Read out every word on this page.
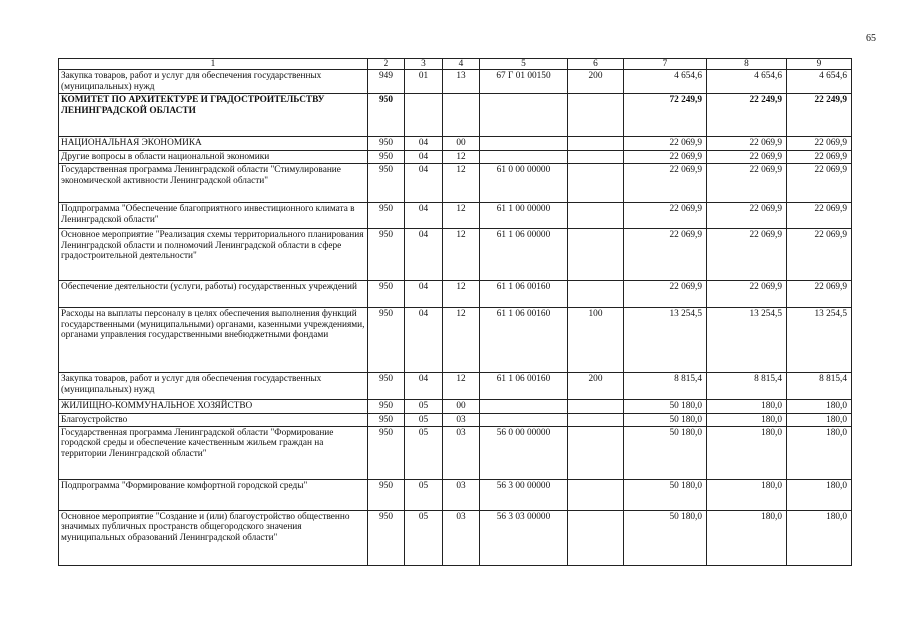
65
1	2	3	4	5	6	7	8	9
Закупка товаров, работ и услуг для обеспечения государственных (муниципальных) нужд	949	01	13	67 Г 01 00150	200	4 654,6	4 654,6	4 654,6
КОМИТЕТ ПО АРХИТЕКТУРЕ И ГРАДОСТРОИТЕЛЬСТВУ ЛЕНИНГРАДСКОЙ ОБЛАСТИ	950					72 249,9	22 249,9	22 249,9
НАЦИОНАЛЬНАЯ ЭКОНОМИКА	950	04	00			22 069,9	22 069,9	22 069,9
Другие вопросы в области национальной экономики	950	04	12			22 069,9	22 069,9	22 069,9
Государственная программа Ленинградской области "Стимулирование экономической активности Ленинградской области"	950	04	12	61 0 00 00000		22 069,9	22 069,9	22 069,9
Подпрограмма "Обеспечение благоприятного инвестиционного климата в Ленинградской области"	950	04	12	61 1 00 00000		22 069,9	22 069,9	22 069,9
Основное мероприятие "Реализация схемы территориального планирования Ленинградской области и полномочий Ленинградской области в сфере градостроительной деятельности"	950	04	12	61 1 06 00000		22 069,9	22 069,9	22 069,9
Обеспечение деятельности (услуги, работы) государственных учреждений	950	04	12	61 1 06 00160		22 069,9	22 069,9	22 069,9
Расходы на выплаты персоналу в целях обеспечения выполнения функций государственными (муниципальными) органами, казенными учреждениями, органами управления государственными внебюджетными фондами	950	04	12	61 1 06 00160	100	13 254,5	13 254,5	13 254,5
Закупка товаров, работ и услуг для обеспечения государственных (муниципальных) нужд	950	04	12	61 1 06 00160	200	8 815,4	8 815,4	8 815,4
ЖИЛИЩНО-КОММУНАЛЬНОЕ ХОЗЯЙСТВО	950	05	00			50 180,0	180,0	180,0
Благоустройство	950	05	03			50 180,0	180,0	180,0
Государственная программа Ленинградской области "Формирование городской среды и обеспечение качественным жильем граждан на территории Ленинградской области"	950	05	03	56 0 00 00000		50 180,0	180,0	180,0
Подпрограмма "Формирование комфортной городской среды"	950	05	03	56 3 00 00000		50 180,0	180,0	180,0
Основное мероприятие "Создание и (или) благоустройство общественно значимых публичных пространств общегородского значения муниципальных образований Ленинградской области"	950	05	03	56 3 03 00000		50 180,0	180,0	180,0
